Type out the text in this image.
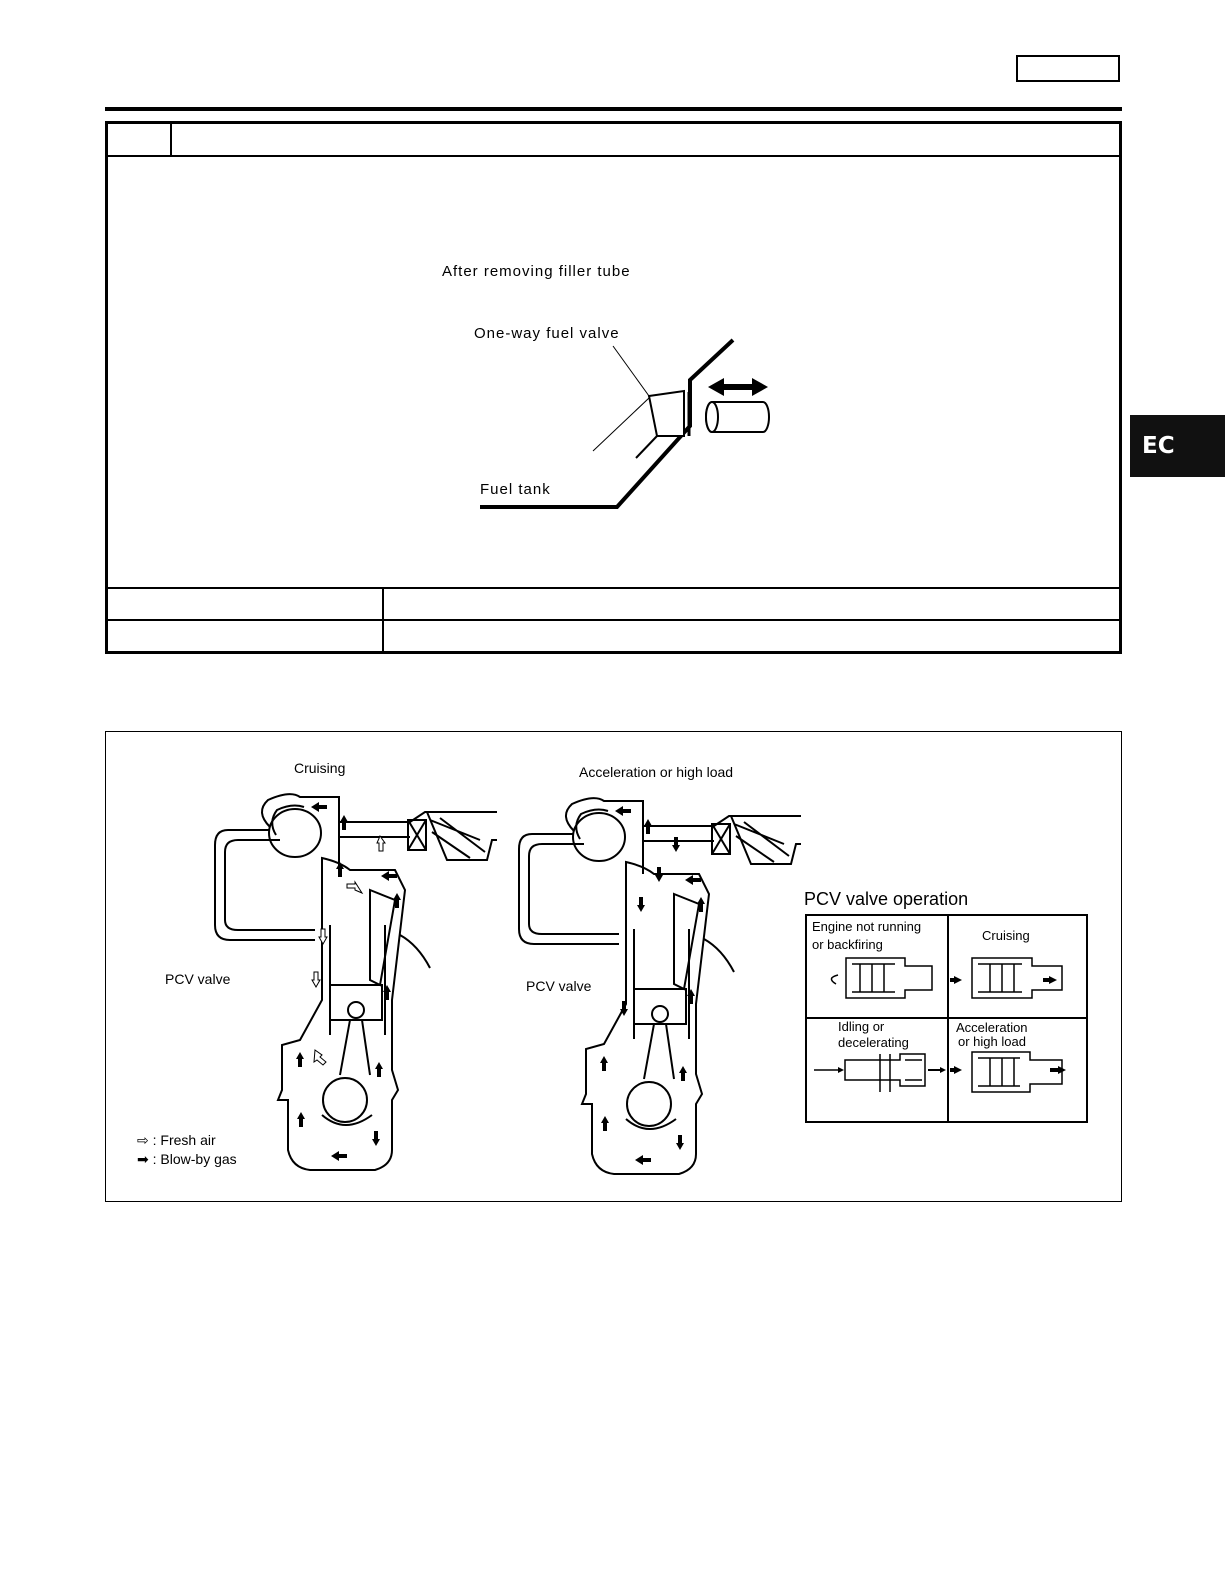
EC
After removing filler tube
One-way fuel valve
Fuel tank
Cruising	Acceleration or high load
PCV valve	PCV valve
⇨ : Fresh air
➡ : Blow-by gas
PCV valve operation
Engine not running
or backfiring
Cruising
Idling or
decelerating
Acceleration
or high load
